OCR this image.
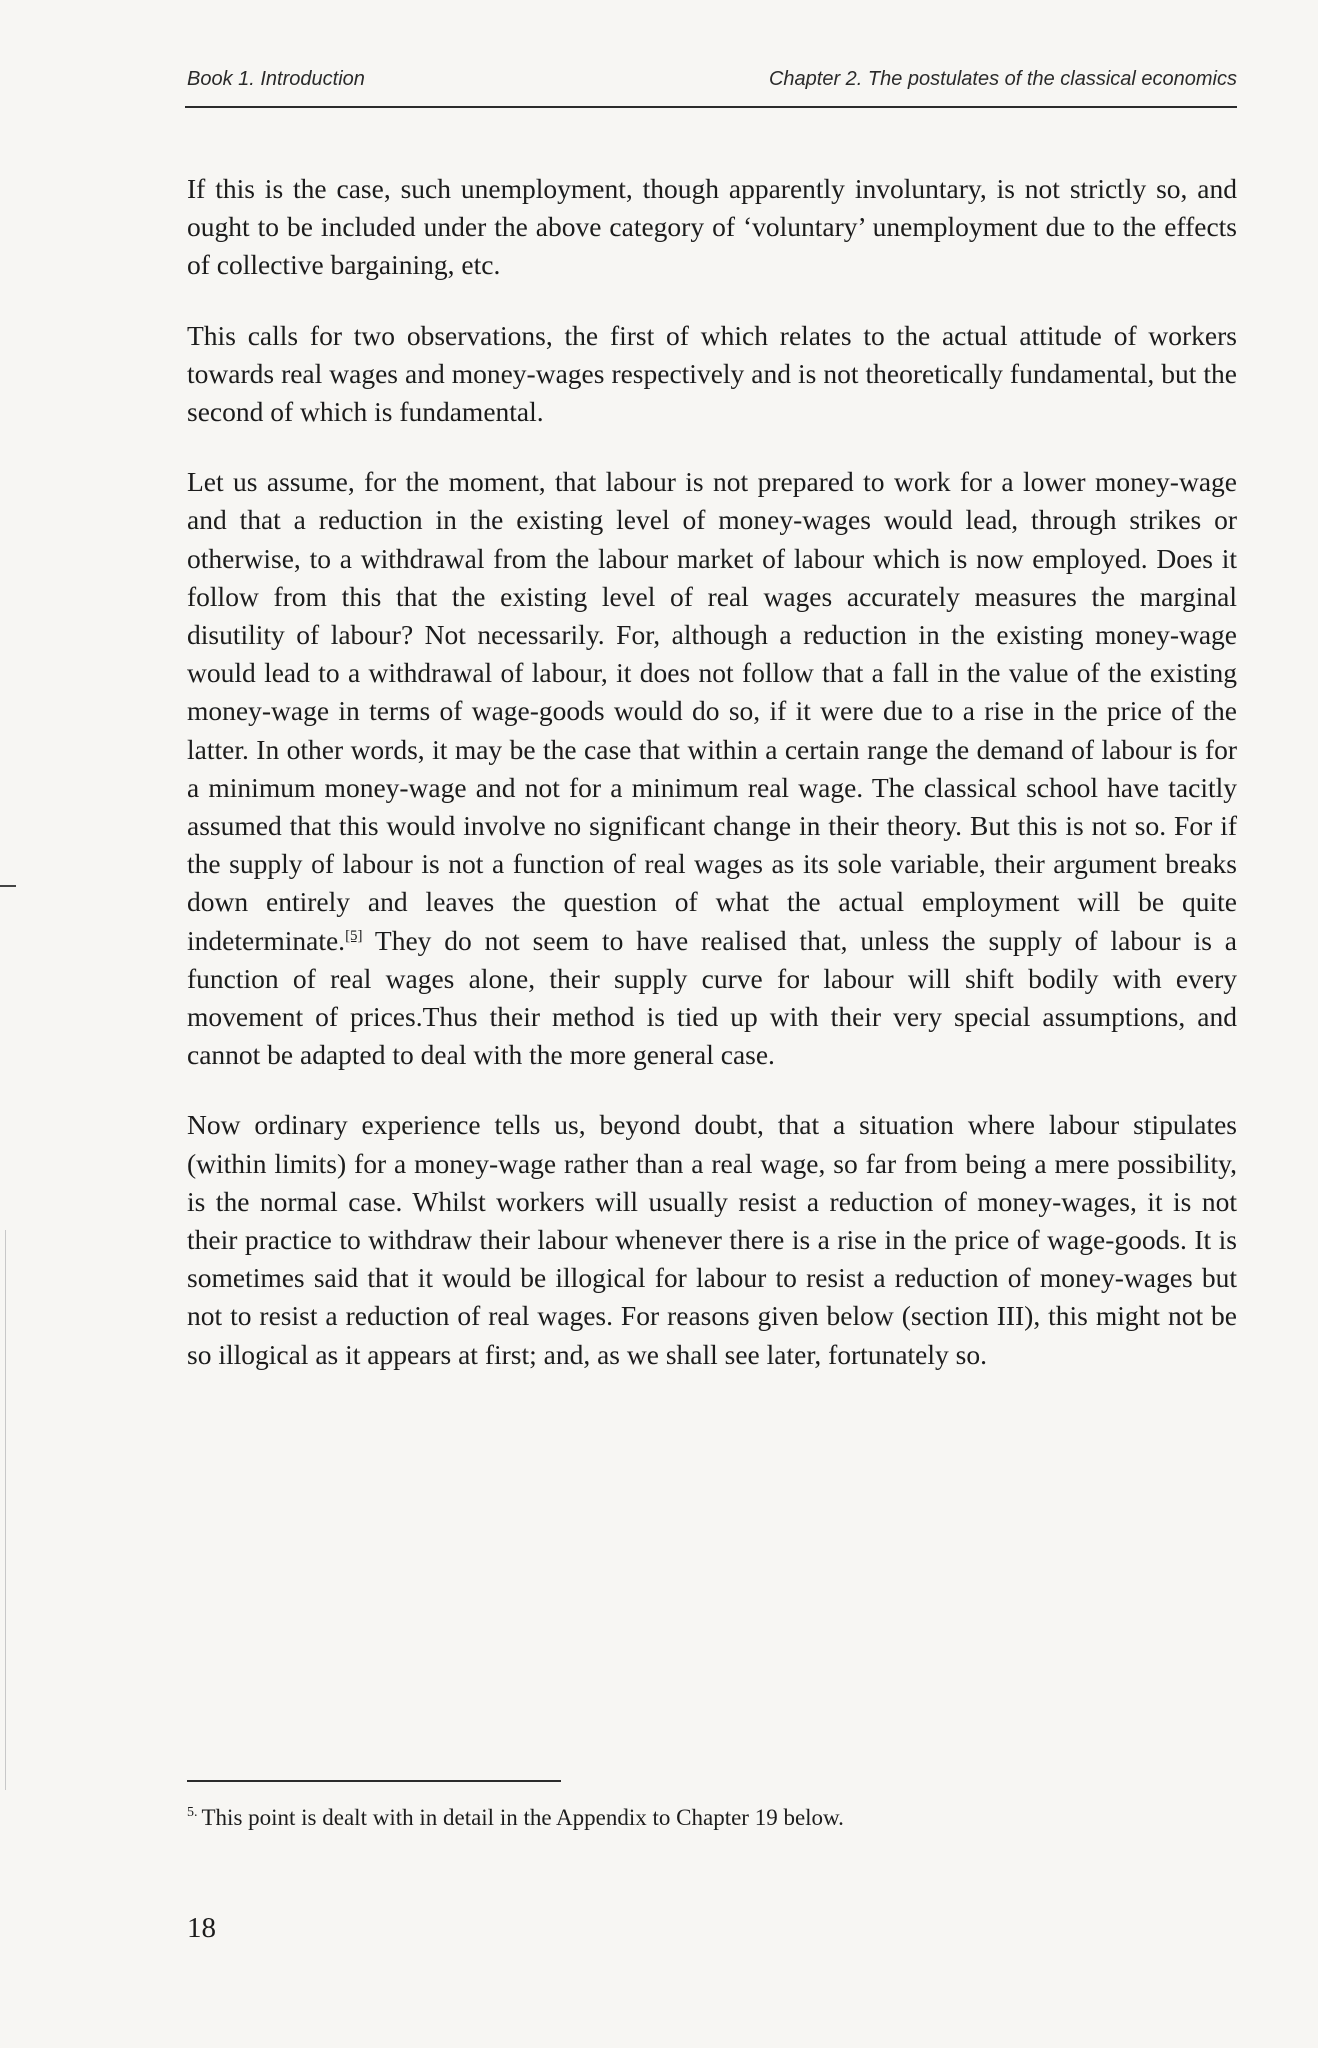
Book 1. Introduction	Chapter 2. The postulates of the classical economics

If this is the case, such unemployment, though apparently involuntary, is not strictly so, and ought to be included under the above category of ‘voluntary’ unemployment due to the effects of collective bargaining, etc.

This calls for two observations, the first of which relates to the actual attitude of workers towards real wages and money-wages respectively and is not theoretically fundamental, but the second of which is fundamental.

Let us assume, for the moment, that labour is not prepared to work for a lower money-wage and that a reduction in the existing level of money-wages would lead, through strikes or otherwise, to a withdrawal from the labour market of labour which is now employed. Does it follow from this that the existing level of real wages accurately measures the marginal disutility of labour? Not necessarily. For, although a reduction in the existing money-wage would lead to a withdrawal of labour, it does not follow that a fall in the value of the existing money-wage in terms of wage-goods would do so, if it were due to a rise in the price of the latter. In other words, it may be the case that within a certain range the demand of labour is for a minimum money-wage and not for a minimum real wage. The classical school have tacitly assumed that this would involve no significant change in their theory. But this is not so. For if the supply of labour is not a function of real wages as its sole variable, their argument breaks down entirely and leaves the question of what the actual employment will be quite indeterminate.[5] They do not seem to have realised that, unless the supply of labour is a function of real wages alone, their supply curve for labour will shift bodily with every movement of prices.Thus their method is tied up with their very special assumptions, and cannot be adapted to deal with the more general case.

Now ordinary experience tells us, beyond doubt, that a situation where labour stipulates (within limits) for a money-wage rather than a real wage, so far from being a mere possibility, is the normal case. Whilst workers will usually resist a reduction of money-wages, it is not their practice to withdraw their labour whenever there is a rise in the price of wage-goods. It is sometimes said that it would be illogical for labour to resist a reduction of money-wages but not to resist a reduction of real wages. For reasons given below (section III), this might not be so illogical as it appears at first; and, as we shall see later, fortunately so.

$^{5.}$ This point is dealt with in detail in the Appendix to Chapter 19 below.
18
